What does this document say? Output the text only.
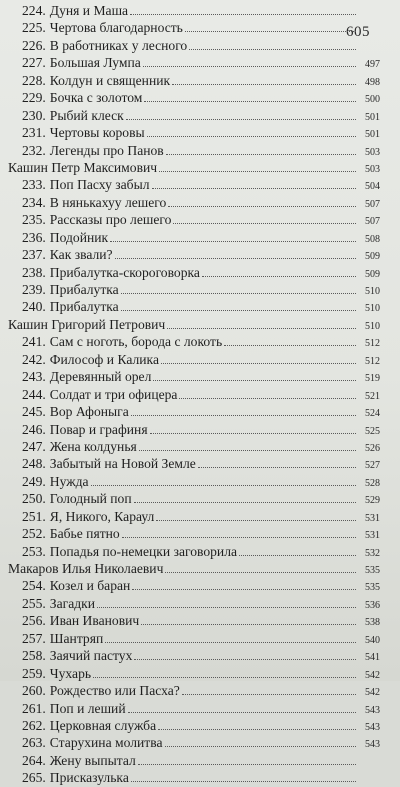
605
224. Дуня и Маша
225. Чертова благодарность
226. В работниках у лесного
227. Большая Лумпа	497
228. Колдун и священник	498
229. Бочка с золотом	500
230. Рыбий клеск	501
231. Чертовы коровы	501
232. Легенды про Панов	503
Кашин Петр Максимович	503
233. Поп Пасху забыл	504
234. В нянькахуу лешего	507
235. Рассказы про лешего	507
236. Подойник	508
237. Как звали?	509
238. Прибалутка-скороговорка	509
239. Прибалутка	510
240. Прибалутка	510
Кашин Григорий Петрович	510
241. Сам с ноготь, борода с локоть	512
242. Философ и Калика	512
243. Деревянный орел	519
244. Солдат и три офицера	521
245. Вор Афоныга	524
246. Повар и графиня	525
247. Жена колдунья	526
248. Забытый на Новой Земле	527
249. Нужда	528
250. Голодный поп	529
251. Я, Никого, Караул	531
252. Бабье пятно	531
253. Попадья по-немецки заговорила	532
Макаров Илья Николаевич	535
254. Козел и баран	535
255. Загадки	536
256. Иван Иванович	538
257. Шантряп	540
258. Заячий пастух	541
259. Чухарь	542
260. Рождество или Пасха?	542
261. Поп и леший	543
262. Церковная служба	543
263. Старухина молитва	543
264. Жену выпытал
265. Присказулька
